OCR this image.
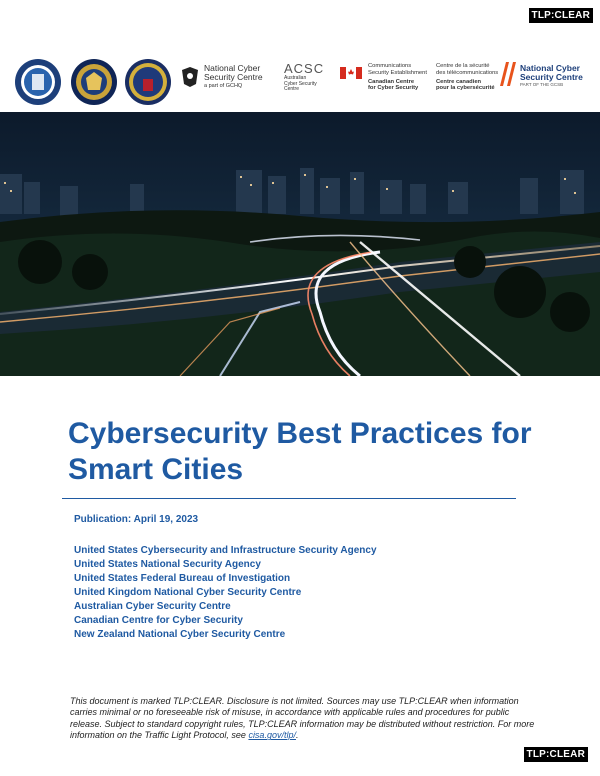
TLP:CLEAR
National Cyber
Security Centre
a part of GCHQ
ACSC
Australian
Cyber Security
Centre
Communications
Security Establishment
Canadian Centre
for Cyber Security
Centre de la sécurité
des télécommunications
Centre canadien
pour la cybersécurité
National Cyber
Security Centre
PART OF THE GCSB
Cybersecurity Best Practices for Smart Cities
Publication: April 19, 2023
United States Cybersecurity and Infrastructure Security Agency
United States National Security Agency
United States Federal Bureau of Investigation
United Kingdom National Cyber Security Centre
Australian Cyber Security Centre
Canadian Centre for Cyber Security
New Zealand National Cyber Security Centre
This document is marked TLP:CLEAR. Disclosure is not limited. Sources may use TLP:CLEAR when information carries minimal or no foreseeable risk of misuse, in accordance with applicable rules and procedures for public release. Subject to standard copyright rules, TLP:CLEAR information may be distributed without restriction. For more information on the Traffic Light Protocol, see cisa.gov/tlp/.
TLP:CLEAR
